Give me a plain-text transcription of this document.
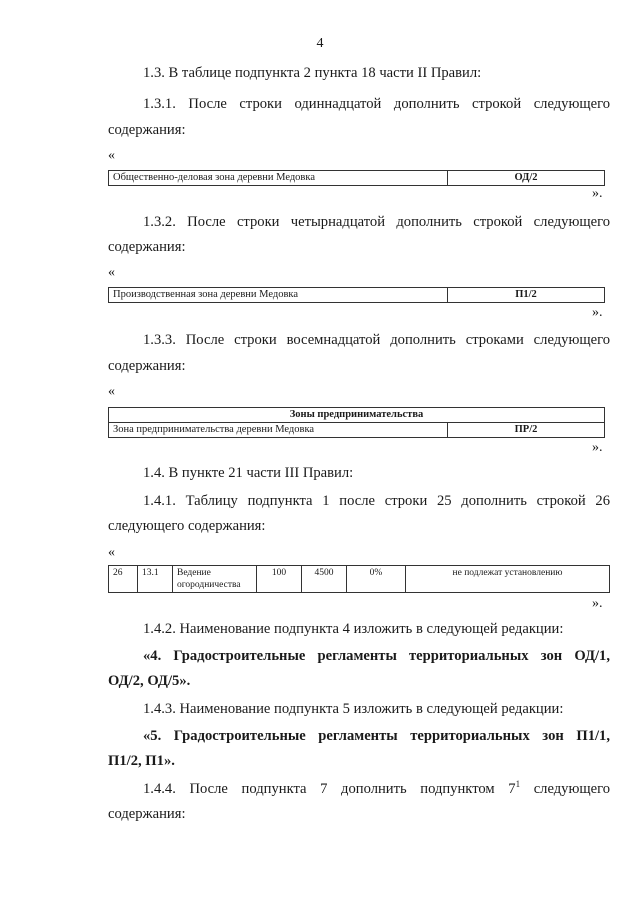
4
1.3. В таблице подпункта 2 пункта 18 части II Правил:
1.3.1. После строки одиннадцатой дополнить строкой следующего
содержания:
«
Общественно-деловая зона деревни Медовка	ОД/2
».
1.3.2. После строки четырнадцатой дополнить строкой следующего
содержания:
«
Производственная зона деревни Медовка	П1/2
».
1.3.3. После строки восемнадцатой дополнить строками следующего
содержания:
«
Зоны предпринимательства
Зона предпринимательства деревни Медовка	ПР/2
».
1.4. В пункте 21 части III Правил:
1.4.1. Таблицу подпункта 1 после строки 25 дополнить строкой 26
следующего содержания:
«
26	13.1	Ведение огородничества	100	4500	0%	не подлежат установлению
».
1.4.2. Наименование подпункта 4 изложить в следующей редакции:
«4. Градостроительные регламенты территориальных зон ОД/1,
ОД/2, ОД/5».
1.4.3. Наименование подпункта 5 изложить в следующей редакции:
«5. Градостроительные регламенты территориальных зон П1/1,
П1/2, П1».
1.4.4. После подпункта 7 дополнить подпунктом $7^1$ следующего
содержания:
